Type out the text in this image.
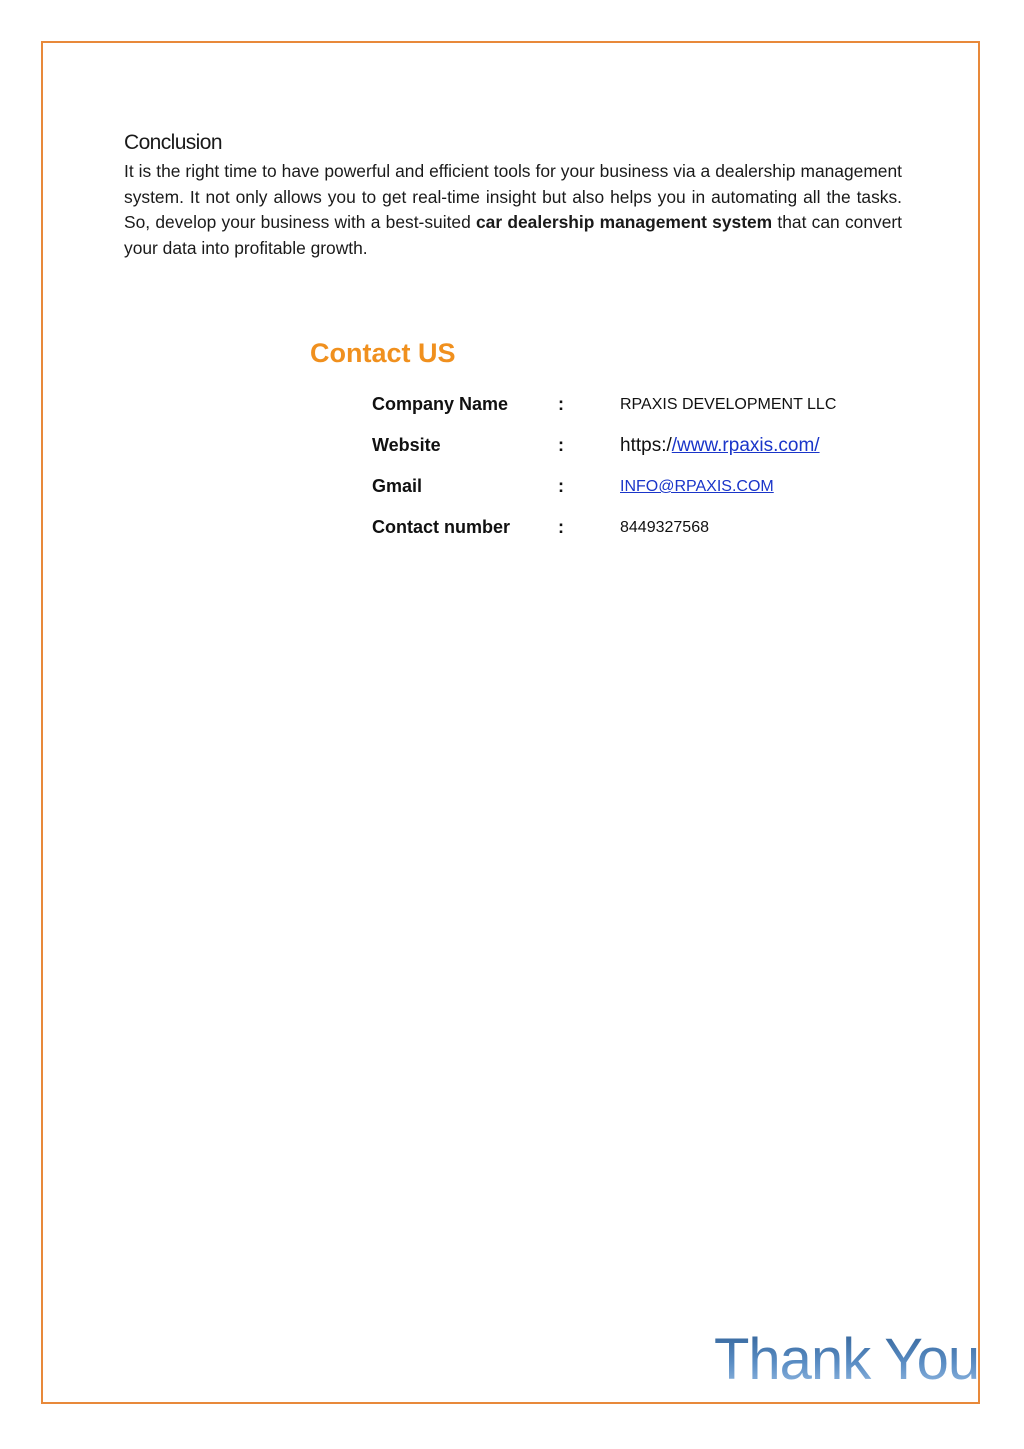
Conclusion
It is the right time to have powerful and efficient tools for your business via a dealership management system. It not only allows you to get real-time insight but also helps you in automating all the tasks. So, develop your business with a best-suited car dealership management system that can convert your data into profitable growth.
Contact US
Company Name	:	RPAXIS DEVELOPMENT LLC
Website	:	https://www.rpaxis.com/
Gmail	:	INFO@RPAXIS.COM
Contact number	:	8449327568
Thank You
